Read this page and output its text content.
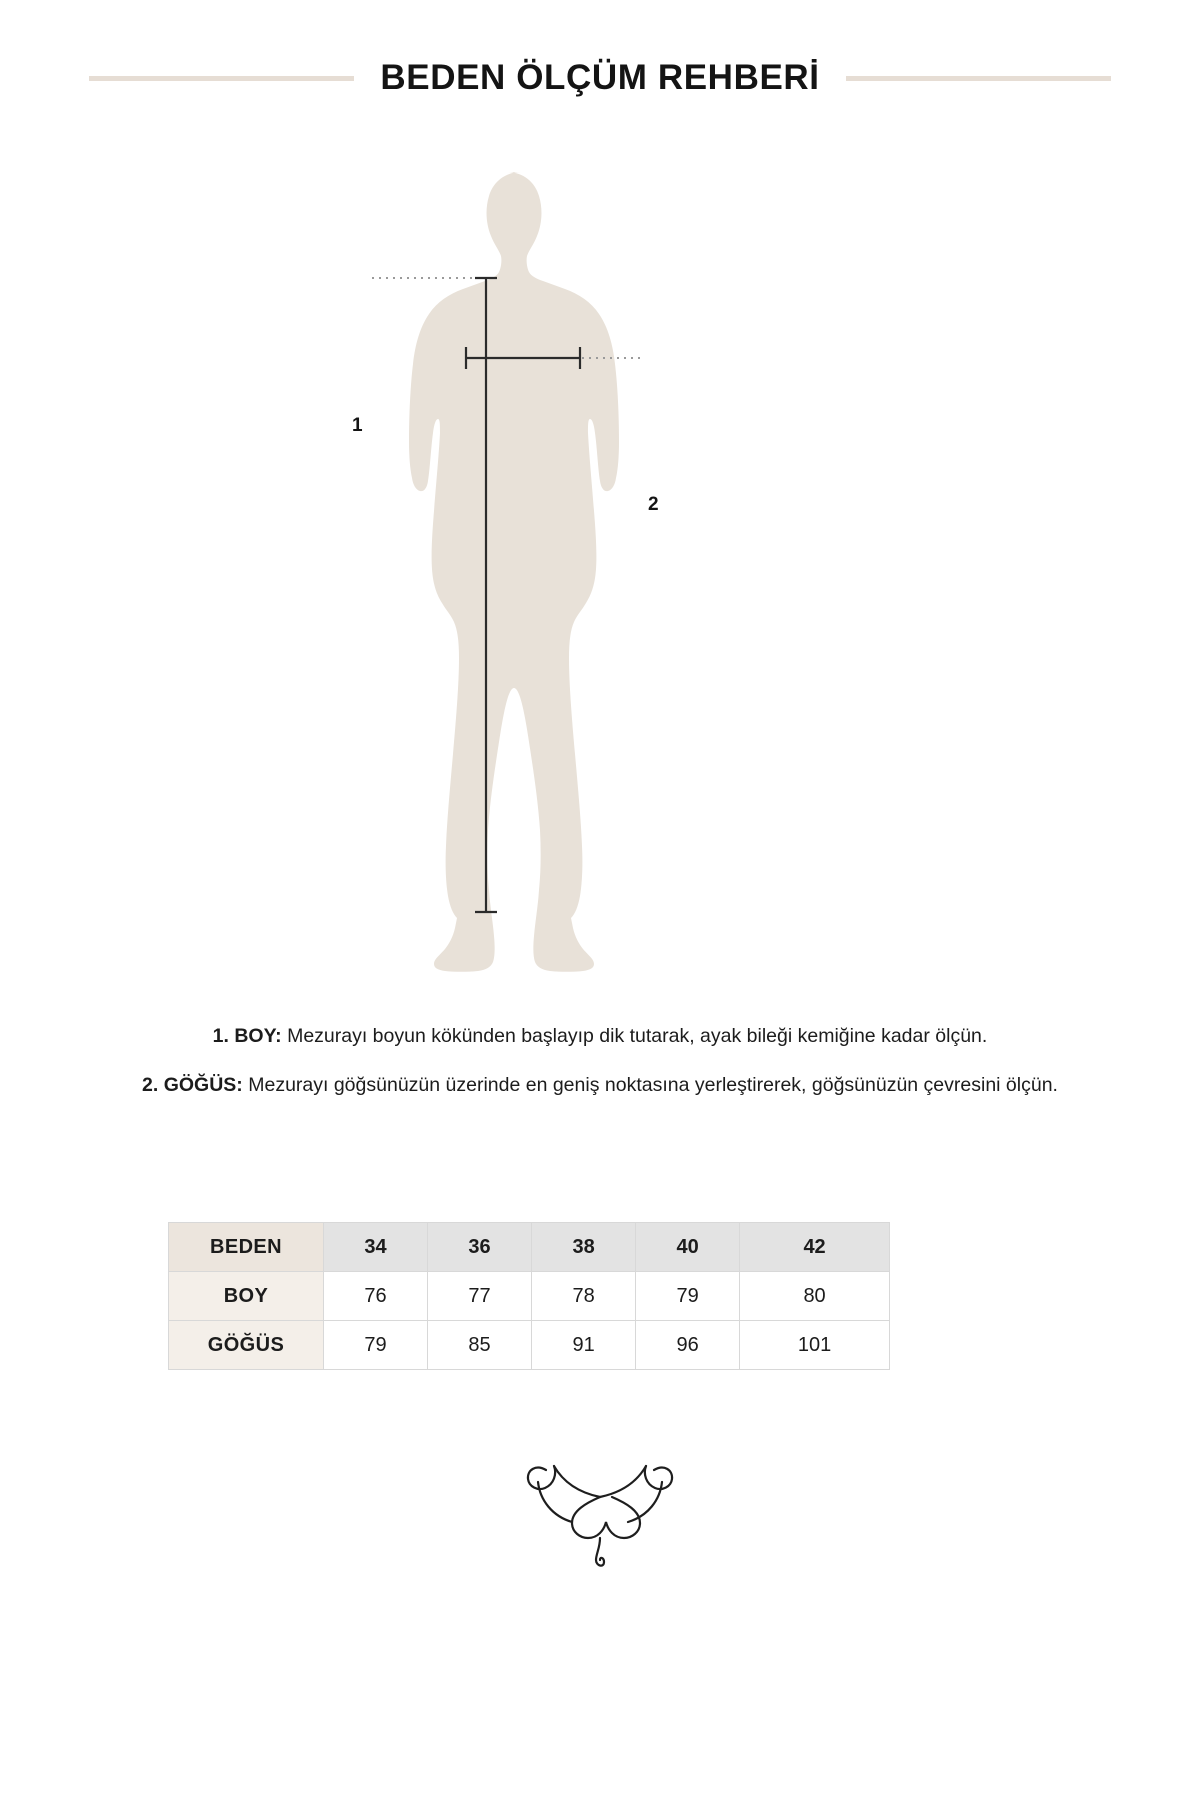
BEDEN ÖLÇÜM REHBERİ
1
2
1. BOY: Mezurayı boyun kökünden başlayıp dik tutarak, ayak bileği kemiğine kadar ölçün.
2. GÖĞÜS: Mezurayı göğsünüzün üzerinde en geniş noktasına yerleştirerek, göğsünüzün çevresini ölçün.
BEDEN	34	36	38	40	42
BOY	76	77	78	79	80
GÖĞÜS	79	85	91	96	101
